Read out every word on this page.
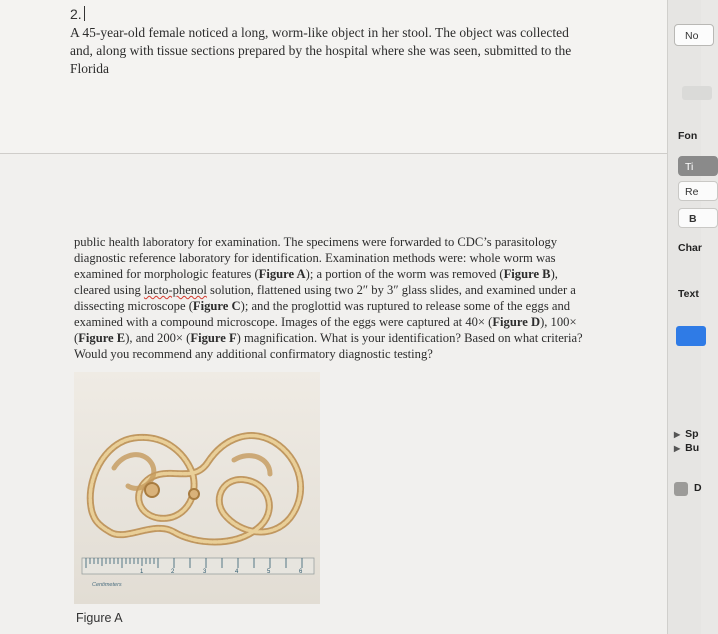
2.
A 45-year-old female noticed a long, worm-like object in her stool. The object was collected and, along with tissue sections prepared by the hospital where she was seen, submitted to the Florida
public health laboratory for examination. The specimens were forwarded to CDC’s parasitology diagnostic reference laboratory for identification. Examination methods were: whole worm was examined for morphologic features (Figure A); a portion of the worm was removed (Figure B), cleared using lacto-phenol solution, flattened using two 2″ by 3″ glass slides, and examined under a dissecting microscope (Figure C); and the proglottid was ruptured to release some of the eggs and examined with a compound microscope. Images of the eggs were captured at 40× (Figure D), 100× (Figure E), and 200× (Figure F) magnification. What is your identification? Based on what criteria? Would you recommend any additional confirmatory diagnostic testing?
1	2	3	4	5	6
Centimeters
Figure A
No
Fon
Ti
Re
B
Char
Text
▶ Sp
▶ Bu
D
